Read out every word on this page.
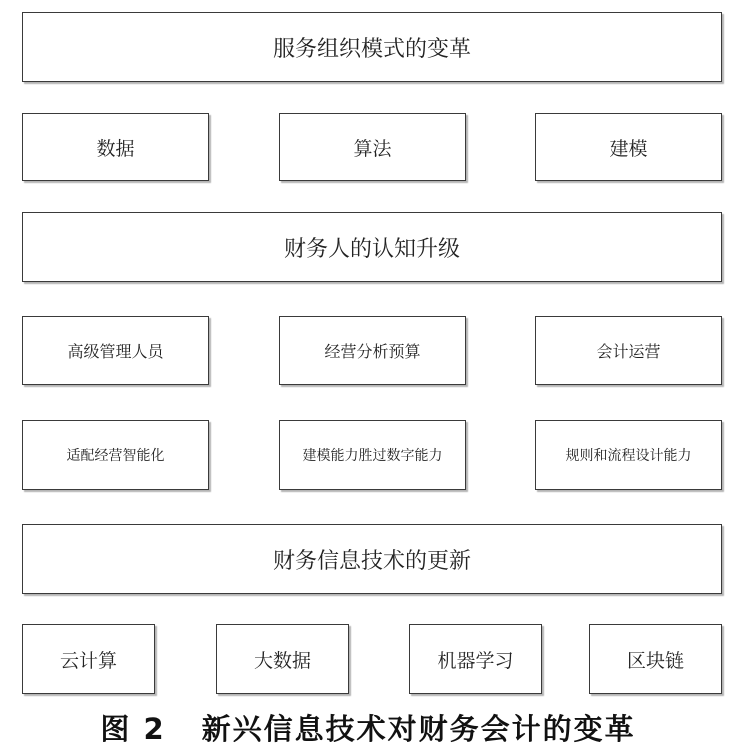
服务组织模式的变革
数据	算法	建模
财务人的认知升级
高级管理人员	经营分析预算	会计运营
适配经营智能化	建模能力胜过数字能力	规则和流程设计能力
财务信息技术的更新
云计算	大数据	机器学习	区块链
图 2 新兴信息技术对财务会计的变革
